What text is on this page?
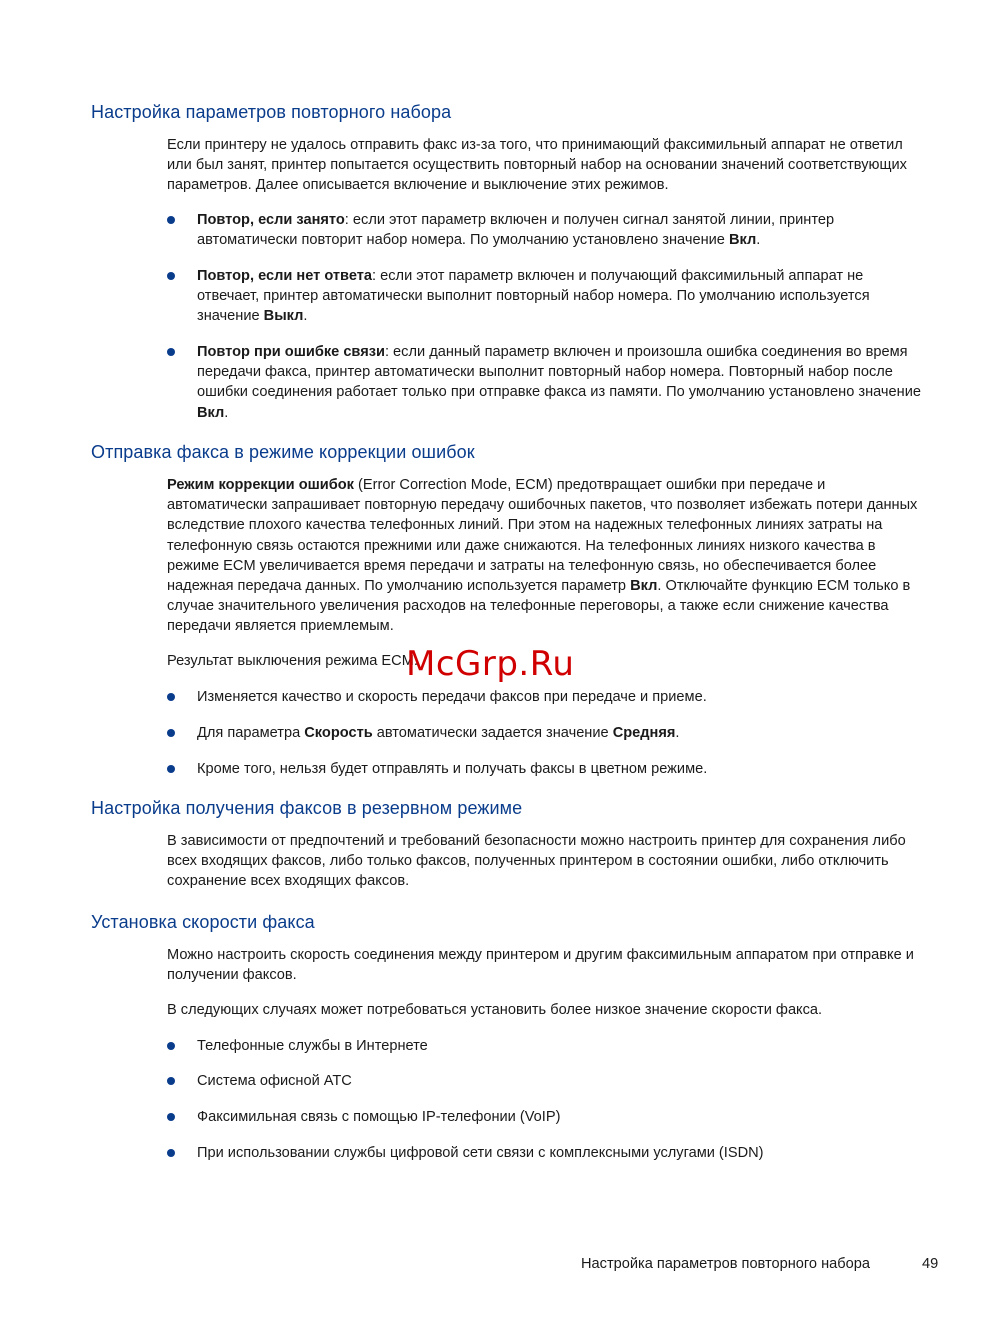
Настройка параметров повторного набора

Если принтеру не удалось отправить факс из-за того, что принимающий факсимильный аппарат не ответил или был занят, принтер попытается осуществить повторный набор на основании значений соответствующих параметров. Далее описывается включение и выключение этих режимов.

Повтор, если занято: если этот параметр включен и получен сигнал занятой линии, принтер автоматически повторит набор номера. По умолчанию установлено значение Вкл.
Повтор, если нет ответа: если этот параметр включен и получающий факсимильный аппарат не отвечает, принтер автоматически выполнит повторный набор номера. По умолчанию используется значение Выкл.
Повтор при ошибке связи: если данный параметр включен и произошла ошибка соединения во время передачи факса, принтер автоматически выполнит повторный набор номера. Повторный набор после ошибки соединения работает только при отправке факса из памяти. По умолчанию установлено значение Вкл.
Отправка факса в режиме коррекции ошибок

Режим коррекции ошибок (Error Correction Mode, ECM) предотвращает ошибки при передаче и автоматически запрашивает повторную передачу ошибочных пакетов, что позволяет избежать потери данных вследствие плохого качества телефонных линий. При этом на надежных телефонных линиях затраты на телефонную связь остаются прежними или даже снижаются. На телефонных линиях низкого качества в режиме ECM увеличивается время передачи и затраты на телефонную связь, но обеспечивается более надежная передача данных. По умолчанию используется параметр Вкл. Отключайте функцию ECM только в случае значительного увеличения расходов на телефонные переговоры, а также если снижение качества передачи является приемлемым.

Результат выключения режима ECM:

Изменяется качество и скорость передачи факсов при передаче и приеме.
Для параметра Скорость автоматически задается значение Средняя.
Кроме того, нельзя будет отправлять и получать факсы в цветном режиме.
Настройка получения факсов в резервном режиме

В зависимости от предпочтений и требований безопасности можно настроить принтер для сохранения либо всех входящих факсов, либо только факсов, полученных принтером в состоянии ошибки, либо отключить сохранение всех входящих факсов.

Установка скорости факса

Можно настроить скорость соединения между принтером и другим факсимильным аппаратом при отправке и получении факсов.

В следующих случаях может потребоваться установить более низкое значение скорости факса.

Телефонные службы в Интернете
Система офисной АТС
Факсимильная связь с помощью IP-телефонии (VoIP)
При использовании службы цифровой сети связи с комплексными услугами (ISDN)
McGrp.Ru
Настройка параметров повторного набора	49
